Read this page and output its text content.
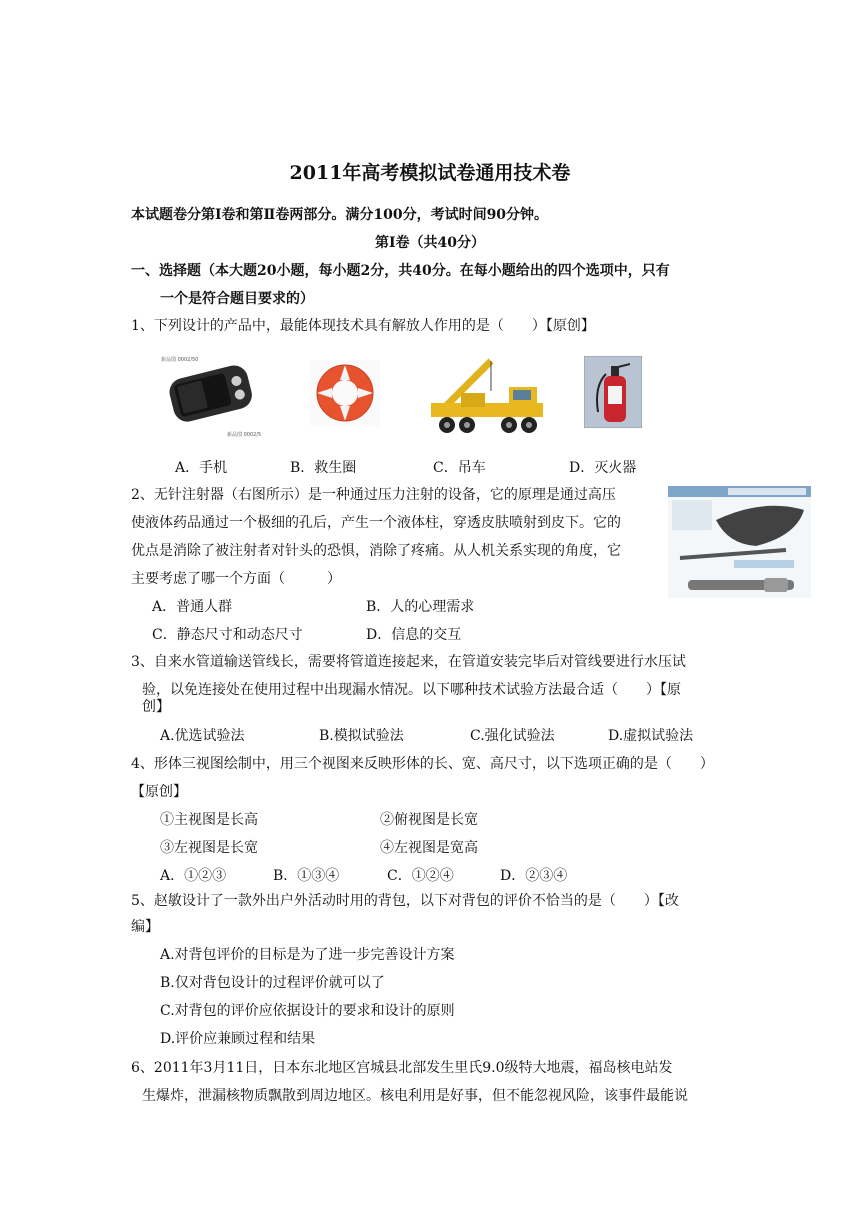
2011年高考模拟试卷通用技术卷
本试题卷分第Ⅰ卷和第Ⅱ卷两部分。满分100分，考试时间90分钟。
第Ⅰ卷（共40分）
一、选择题（本大题20小题，每小题2分，共40分。在每小题给出的四个选项中，只有
一个是符合题目要求的）
1、下列设计的产品中，最能体现技术具有解放人作用的是（　　）【原创】
新品图 0002/50
新品图 0002/50
A．手机	B．救生圈	C．吊车	D．灭火器
2、无针注射器（右图所示）是一种通过压力注射的设备，它的原理是通过高压
使液体药品通过一个极细的孔后，产生一个液体柱，穿透皮肤喷射到皮下。它的
优点是消除了被注射者对针头的恐惧，消除了疼痛。从人机关系实现的角度，它
主要考虑了哪一个方面（　　　）
A．普通人群	B．人的心理需求
C．静态尺寸和动态尺寸	D．信息的交互
3、自来水管道输送管线长，需要将管道连接起来，在管道安装完毕后对管线要进行水压试
验，以免连接处在使用过程中出现漏水情况。以下哪种技术试验方法最合适（　　）【原
创】
A.优选试验法	B.模拟试验法	C.强化试验法	D.虚拟试验法
4、形体三视图绘制中，用三个视图来反映形体的长、宽、高尺寸，以下选项正确的是（　　）
【原创】
①主视图是长高	②俯视图是长宽
③左视图是长宽	④左视图是宽高
A．①②③	B．①③④	C．①②④	D．②③④
5、赵敏设计了一款外出户外活动时用的背包，以下对背包的评价不恰当的是（　　）【改
编】
A.对背包评价的目标是为了进一步完善设计方案
B.仅对背包设计的过程评价就可以了
C.对背包的评价应依据设计的要求和设计的原则
D.评价应兼顾过程和结果
6、2011年3月11日，日本东北地区宫城县北部发生里氏9.0级特大地震，福岛核电站发
生爆炸，泄漏核物质飘散到周边地区。核电利用是好事，但不能忽视风险，该事件最能说
